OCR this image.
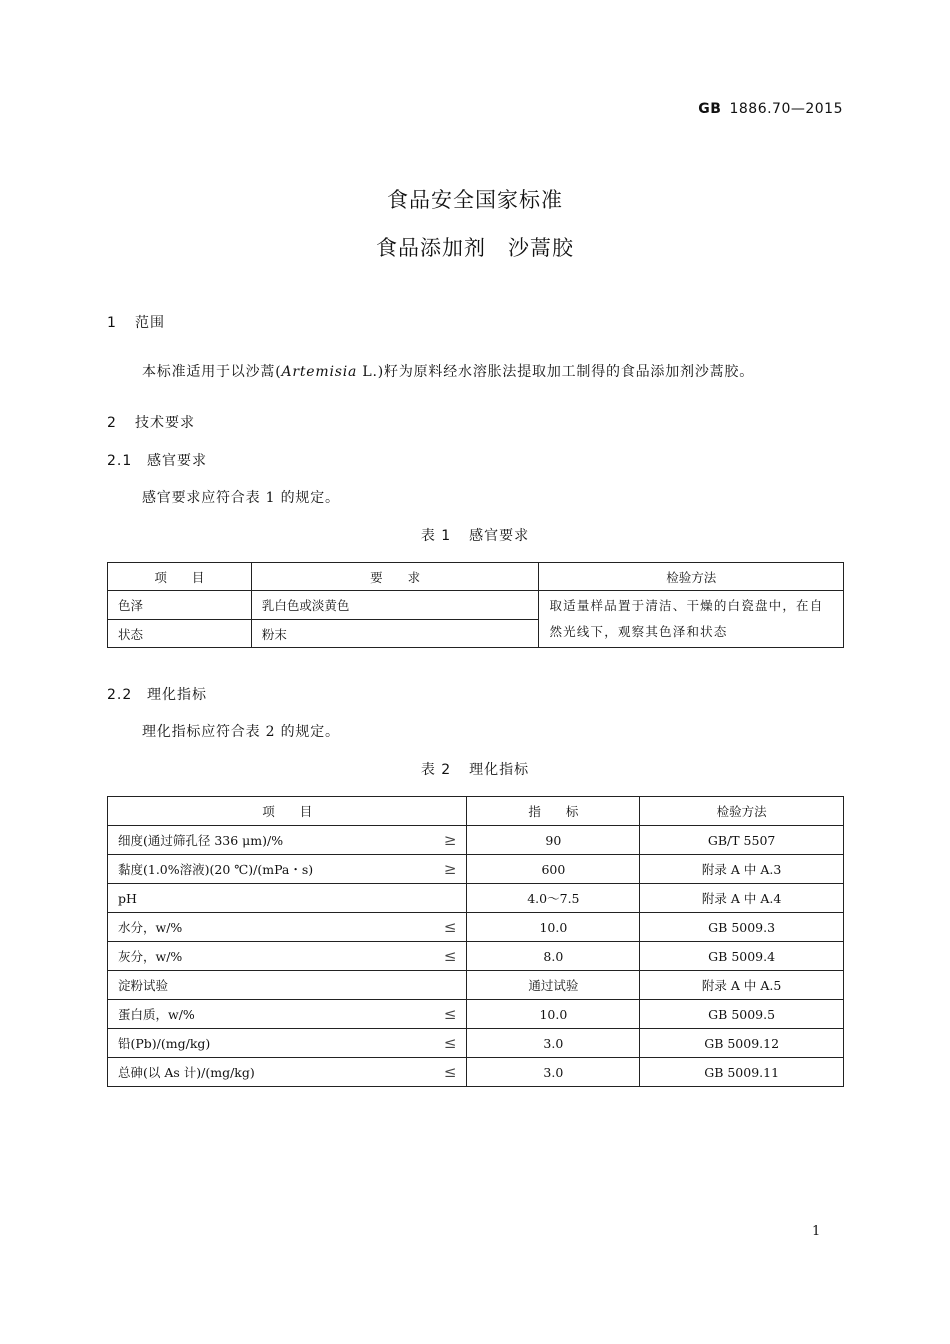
GB 1886.70—2015
食品安全国家标准
食品添加剂　沙蒿胶
1 范围
本标准适用于以沙蒿(Artemisia L.)籽为原料经水溶胀法提取加工制得的食品添加剂沙蒿胶。
2 技术要求
2.1 感官要求
感官要求应符合表 1 的规定。
表 1 感官要求
项　　目	要　　求	检验方法
色泽	乳白色或淡黄色	取适量样品置于清洁、干燥的白瓷盘中，在自然光线下，观察其色泽和状态
状态	粉末	
2.2 理化指标
理化指标应符合表 2 的规定。
表 2 理化指标
项　　目	指　　标	检验方法
细度(通过筛孔径 336 μm)/% ≥	90	GB/T 5507
黏度(1.0%溶液)(20 ℃)/(mPa・s) ≥	600	附录 A 中 A.3
pH	4.0～7.5	附录 A 中 A.4
水分，w/% ≤	10.0	GB 5009.3
灰分，w/% ≤	8.0	GB 5009.4
淀粉试验	通过试验	附录 A 中 A.5
蛋白质，w/% ≤	10.0	GB 5009.5
铅(Pb)/(mg/kg) ≤	3.0	GB 5009.12
总砷(以 As 计)/(mg/kg) ≤	3.0	GB 5009.11
1
